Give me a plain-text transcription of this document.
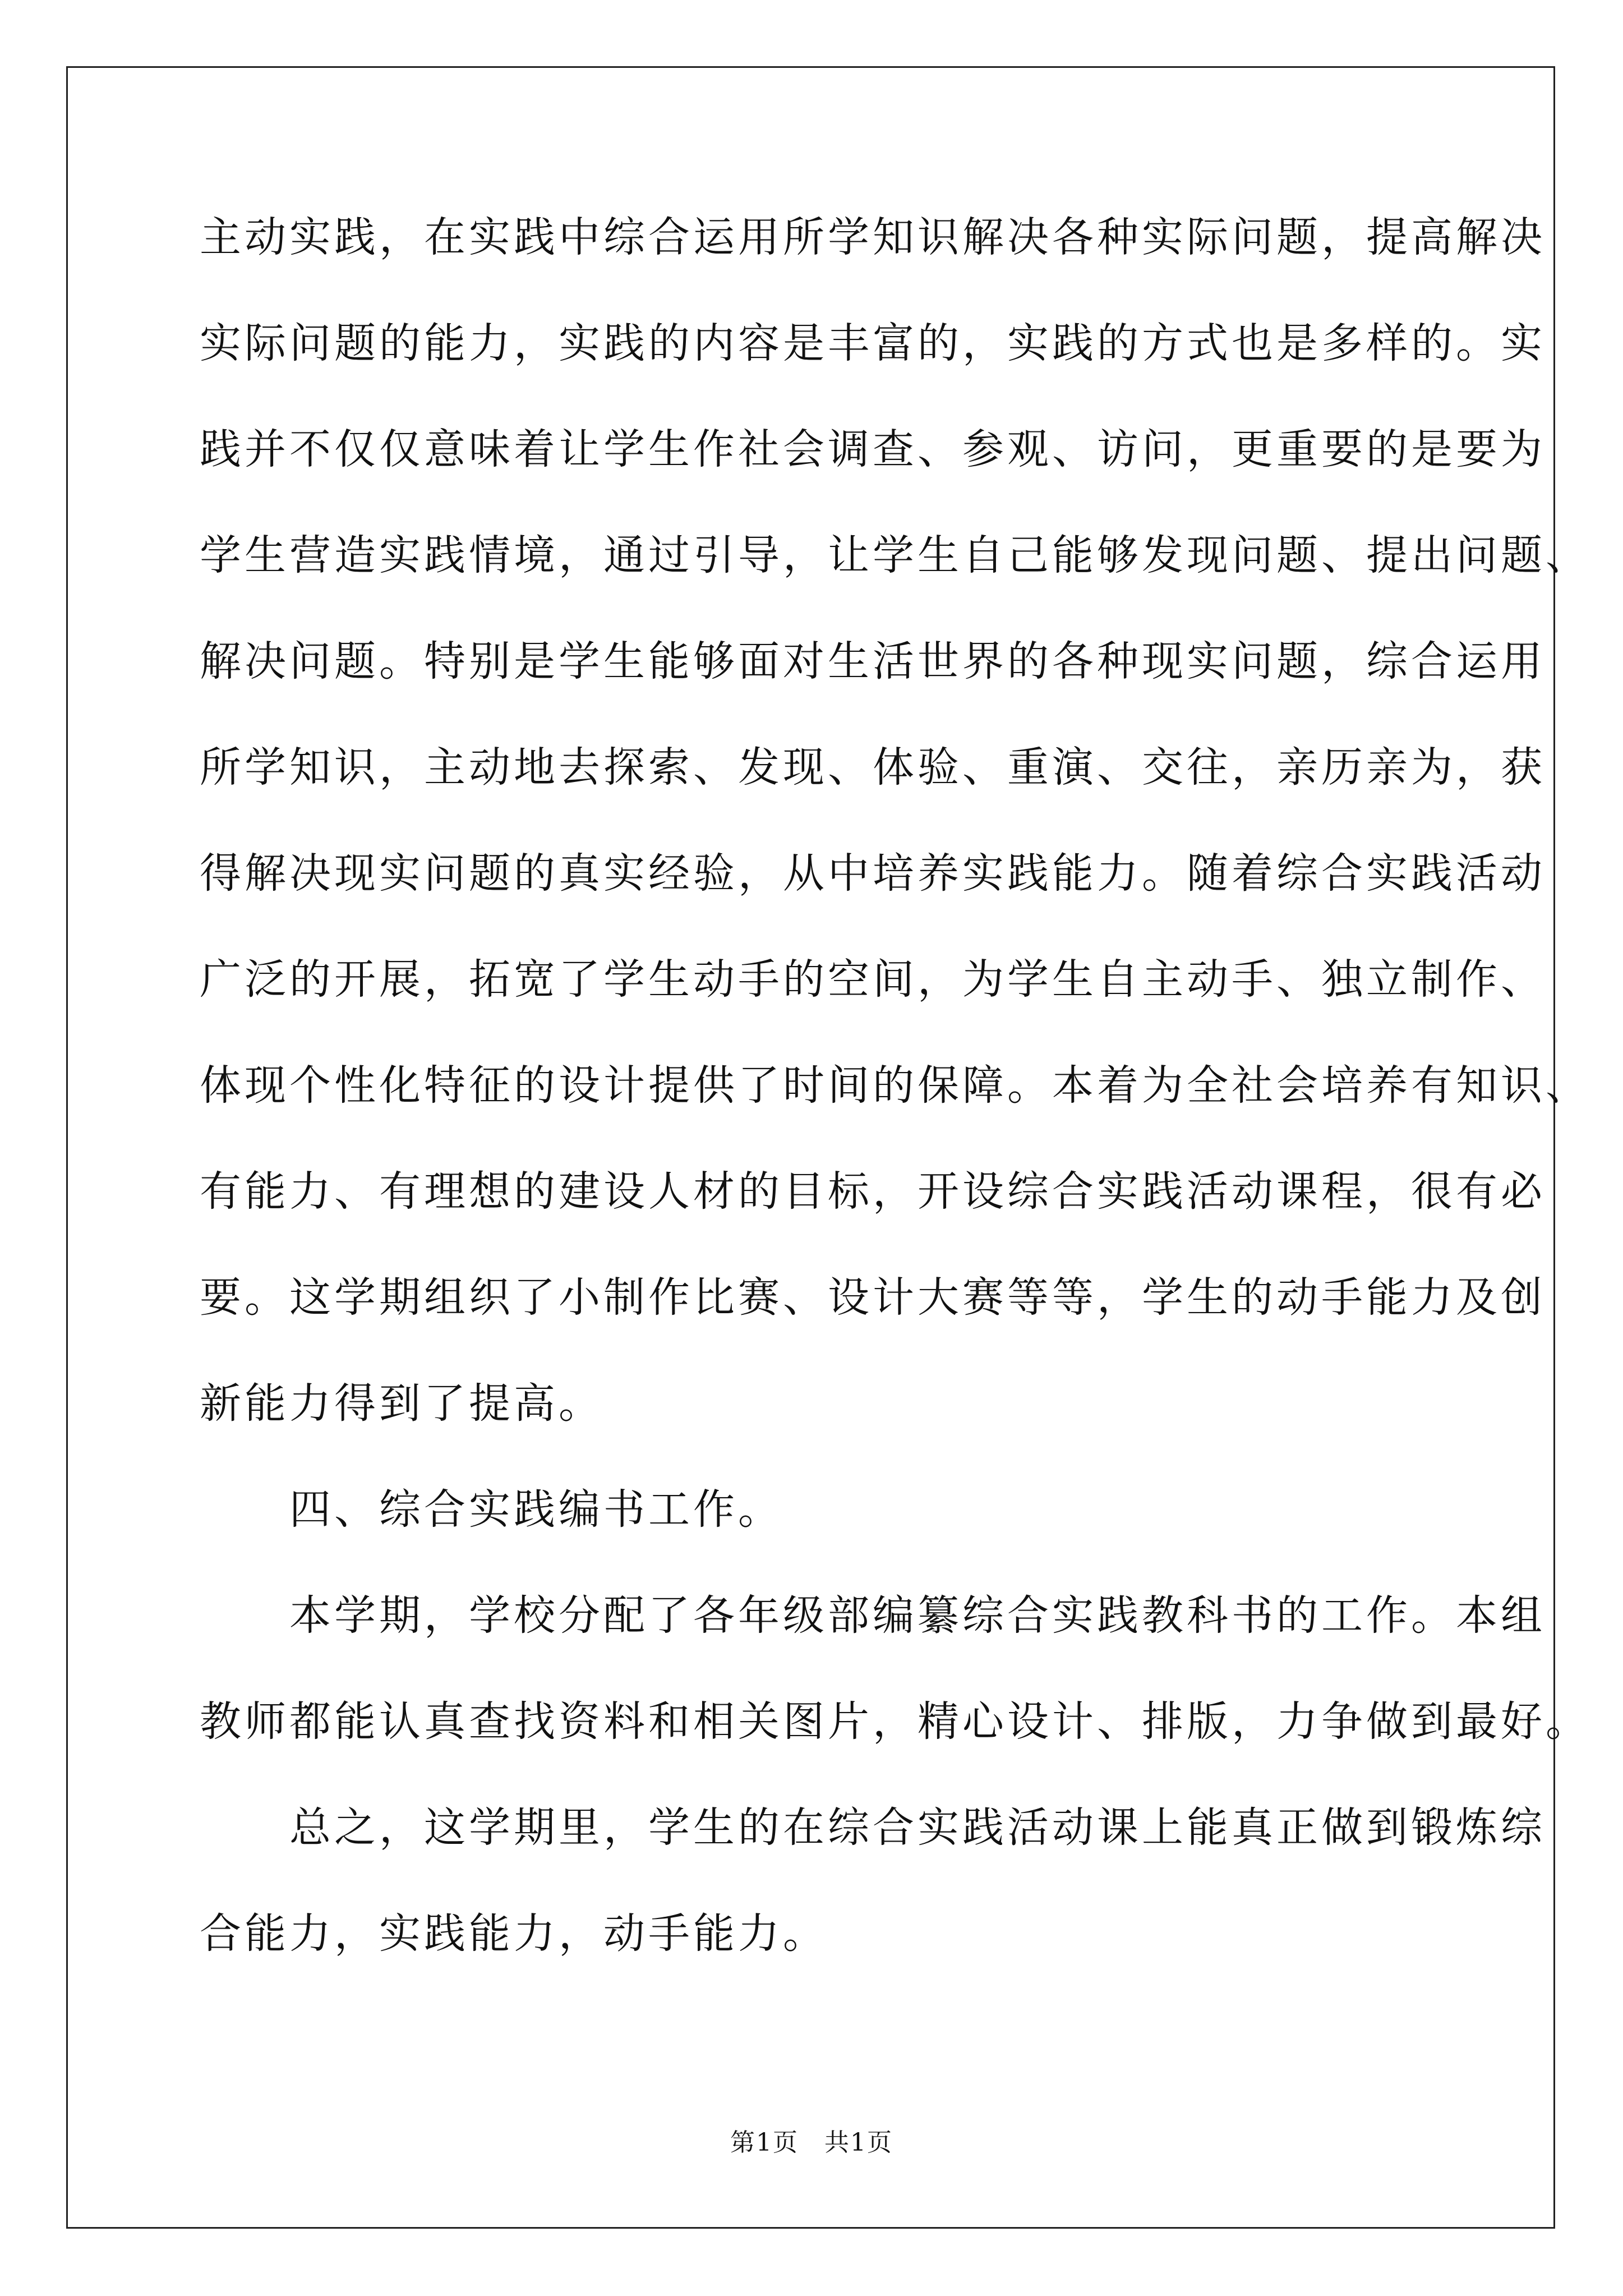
主动实践，在实践中综合运用所学知识解决各种实际问题，提高解决
实际问题的能力，实践的内容是丰富的，实践的方式也是多样的。实
践并不仅仅意味着让学生作社会调查、参观、访问，更重要的是要为
学生营造实践情境，通过引导，让学生自己能够发现问题、提出问题、
解决问题。特别是学生能够面对生活世界的各种现实问题，综合运用
所学知识，主动地去探索、发现、体验、重演、交往，亲历亲为，获
得解决现实问题的真实经验，从中培养实践能力。随着综合实践活动
广泛的开展，拓宽了学生动手的空间，为学生自主动手、独立制作、
体现个性化特征的设计提供了时间的保障。本着为全社会培养有知识、
有能力、有理想的建设人材的目标，开设综合实践活动课程，很有必
要。这学期组织了小制作比赛、设计大赛等等，学生的动手能力及创
新能力得到了提高。
　　四、综合实践编书工作。
　　本学期，学校分配了各年级部编纂综合实践教科书的工作。本组
教师都能认真查找资料和相关图片，精心设计、排版，力争做到最好。
　　总之，这学期里，学生的在综合实践活动课上能真正做到锻炼综
合能力，实践能力，动手能力。
第1页　共1页
